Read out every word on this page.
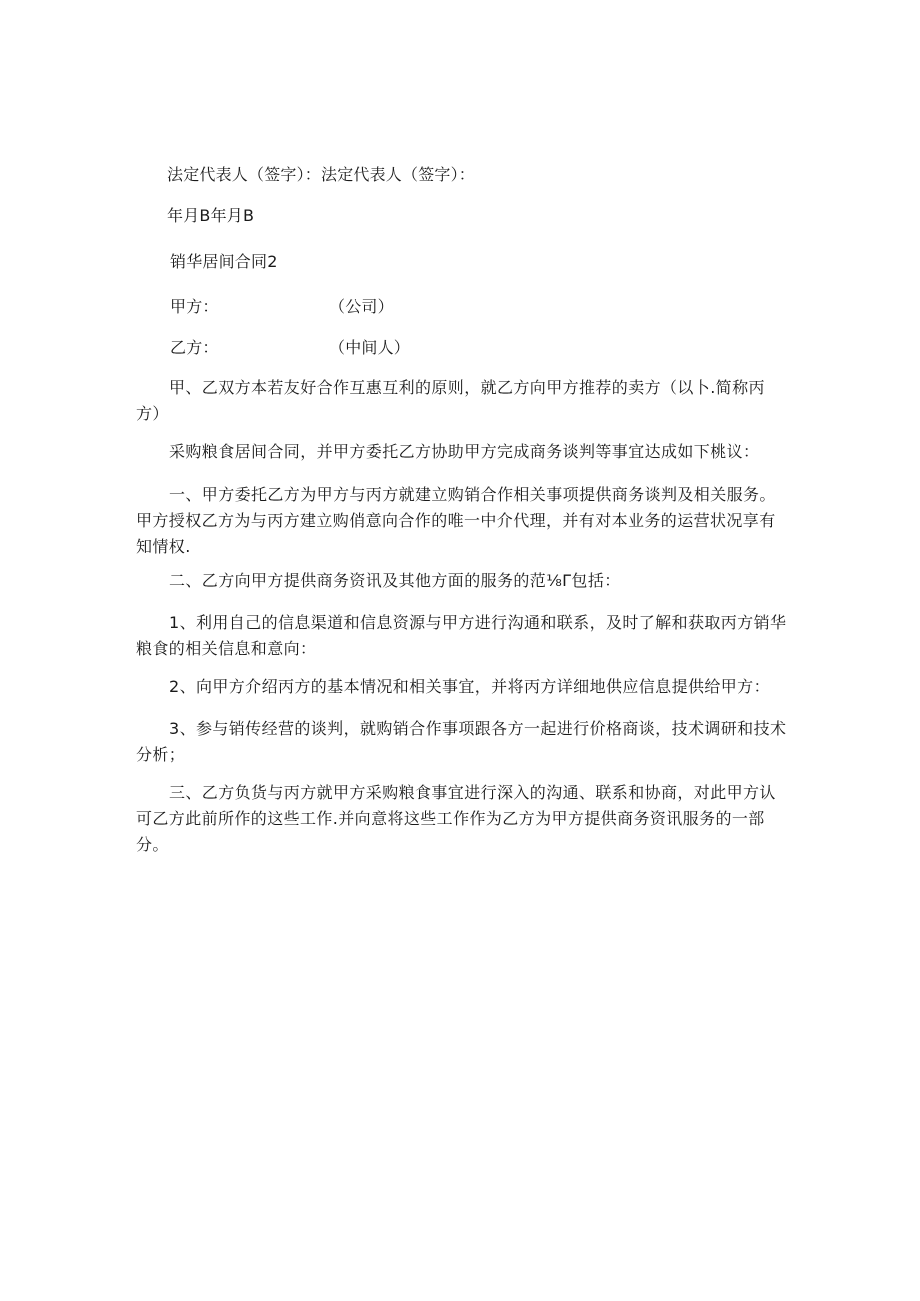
法定代表人（签字）：法定代表人（签字）：
年月B年月B
销华居间合同2
甲方：	（公司）
乙方：	（中间人）

甲、乙双方本若友好合作互惠互利的原则，就乙方向甲方推荐的卖方（以卜.简称丙方）

采购粮食居间合同，并甲方委托乙方协助甲方完成商务谈判等事宜达成如下桃议：

一、甲方委托乙方为甲方与丙方就建立购销合作相关事项提供商务谈判及相关服务。甲方授权乙方为与丙方建立购俏意向合作的唯一中介代理，并有对本业务的运营状况享有知情权.

二、乙方向甲方提供商务资讯及其他方面的服务的范⅛Γ包括：

1、利用自己的信息渠道和信息资源与甲方进行沟通和联系，及时了解和获取丙方销华粮食的相关信息和意向：

2、向甲方介绍丙方的基本情况和相关事宜，并将丙方详细地供应信息提供给甲方：

3、参与销传经营的谈判，就购销合作事项跟各方一起进行价格商谈，技术调研和技术分析；

三、乙方负货与丙方就甲方采购粮食事宜进行深入的沟通、联系和协商，对此甲方认可乙方此前所作的这些工作.并向意将这些工作作为乙方为甲方提供商务资讯服务的一部分。
